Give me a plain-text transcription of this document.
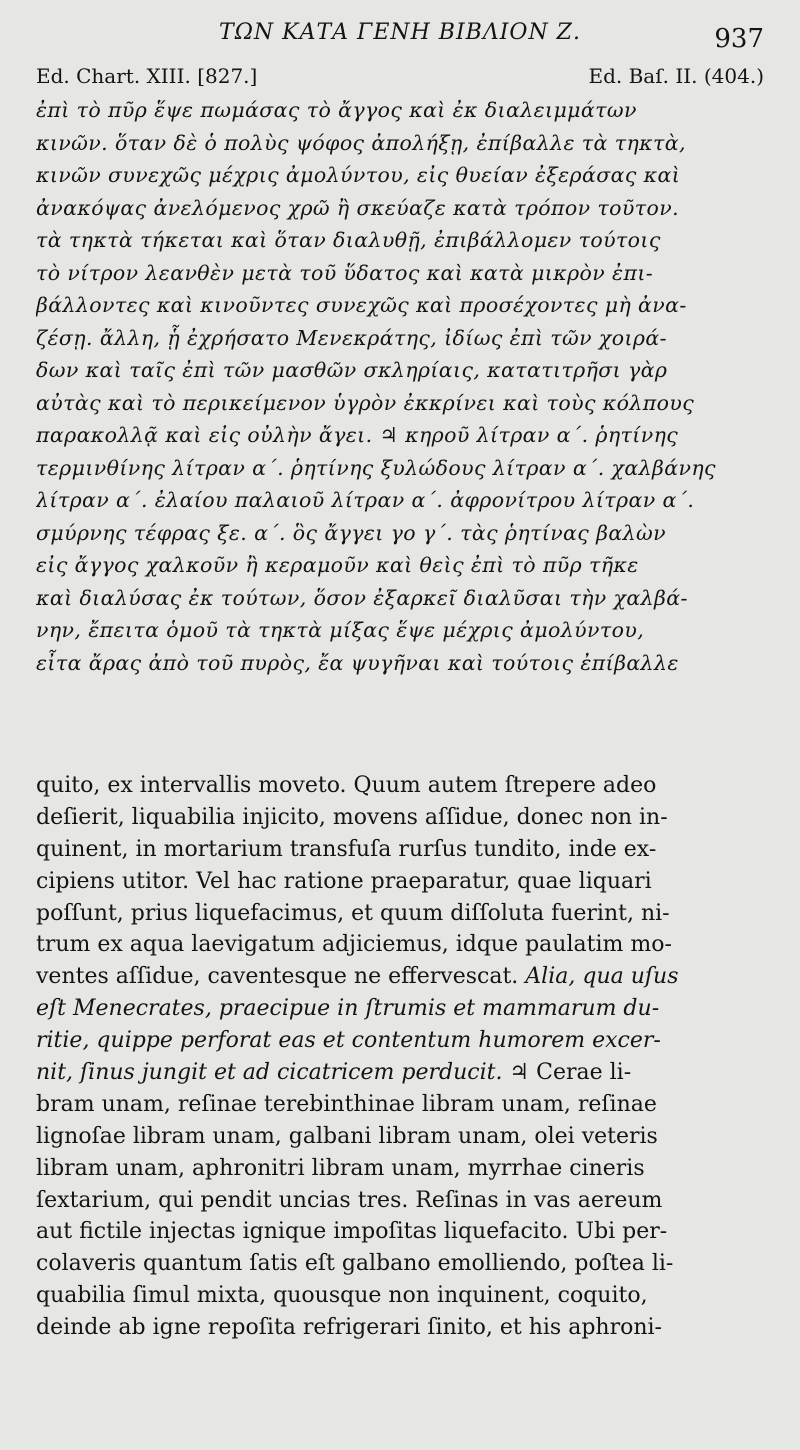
ΤΩΝ ΚΑΤΑ ΓΕΝΗ ΒΙΒΛΙΟΝ Ζ.	937
Ed. Chart. XIII. [827.]	Ed. Baſ. II. (404.)
ἐπὶ τὸ πῦρ ἕψε πωμάσας τὸ ἄγγος καὶ ἐκ διαλειμμάτων
κινῶν. ὅταν δὲ ὁ πολὺς ψόφος ἀπολήξῃ, ἐπίβαλλε τὰ τηκτὰ,
κινῶν συνεχῶς μέχρις ἀμολύντου, εἰς θυείαν ἐξεράσας καὶ
ἀνακόψας ἀνελόμενος χρῶ ἢ σκεύαζε κατὰ τρόπον τοῦτον.
τὰ τηκτὰ τήκεται καὶ ὅταν διαλυθῇ, ἐπιβάλλομεν τούτοις
τὸ νίτρον λεανθὲν μετὰ τοῦ ὕδατος καὶ κατὰ μικρὸν ἐπι-
βάλλοντες καὶ κινοῦντες συνεχῶς καὶ προσέχοντες μὴ ἀνα-
ζέσῃ. ἄλλη, ᾗ ἐχρήσατο Μενεκράτης, ἰδίως ἐπὶ τῶν χοιρά-
δων καὶ ταῖς ἐπὶ τῶν μασθῶν σκληρίαις, κατατιτρῆσι γὰρ
αὐτὰς καὶ τὸ περικείμενον ὑγρὸν ἐκκρίνει καὶ τοὺς κόλπους
παρακολλᾷ καὶ εἰς οὐλὴν ἄγει. ♃ κηροῦ λίτραν α΄. ῥητίνης
τερμινθίνης λίτραν α΄. ῥητίνης ξυλώδους λίτραν α΄. χαλβάνης
λίτραν α΄. ἐλαίου παλαιοῦ λίτραν α΄. ἀφρονίτρου λίτραν α΄.
σμύρνης τέφρας ξε. α΄. ὃς ἄγγει γο γ΄. τὰς ῥητίνας βαλὼν
εἰς ἄγγος χαλκοῦν ἢ κεραμοῦν καὶ θεὶς ἐπὶ τὸ πῦρ τῆκε
καὶ διαλύσας ἐκ τούτων, ὅσον ἐξαρκεῖ διαλῦσαι τὴν χαλβά-
νην, ἔπειτα ὁμοῦ τὰ τηκτὰ μίξας ἕψε μέχρις ἀμολύντου,
εἶτα ἄρας ἀπὸ τοῦ πυρὸς, ἔα ψυγῆναι καὶ τούτοις ἐπίβαλλε
quito, ex intervallis moveto. Quum autem ſtrepere adeo
deſierit, liquabilia injicito, movens aſſidue, donec non in-
quinent, in mortarium transfuſa rurſus tundito, inde ex-
cipiens utitor. Vel hac ratione praeparatur, quae liquari
poſſunt, prius liquefacimus, et quum diſſoluta fuerint, ni-
trum ex aqua laevigatum adjiciemus, idque paulatim mo-
ventes aſſidue, caventesque ne effervescat. Alia, qua uſus
eſt Menecrates, praecipue in ſtrumis et mammarum du-
ritie, quippe perforat eas et contentum humorem excer-
nit, ſinus jungit et ad cicatricem perducit. ♃ Cerae li-
bram unam, reſinae terebinthinae libram unam, reſinae
lignoſae libram unam, galbani libram unam, olei veteris
libram unam, aphronitri libram unam, myrrhae cineris
ſextarium, qui pendit uncias tres. Reſinas in vas aereum
aut fictile injectas ignique impoſitas liquefacito. Ubi per-
colaveris quantum ſatis eſt galbano emolliendo, poſtea li-
quabilia ſimul mixta, quousque non inquinent, coquito,
deinde ab igne repoſita refrigerari ſinito, et his aphroni-
